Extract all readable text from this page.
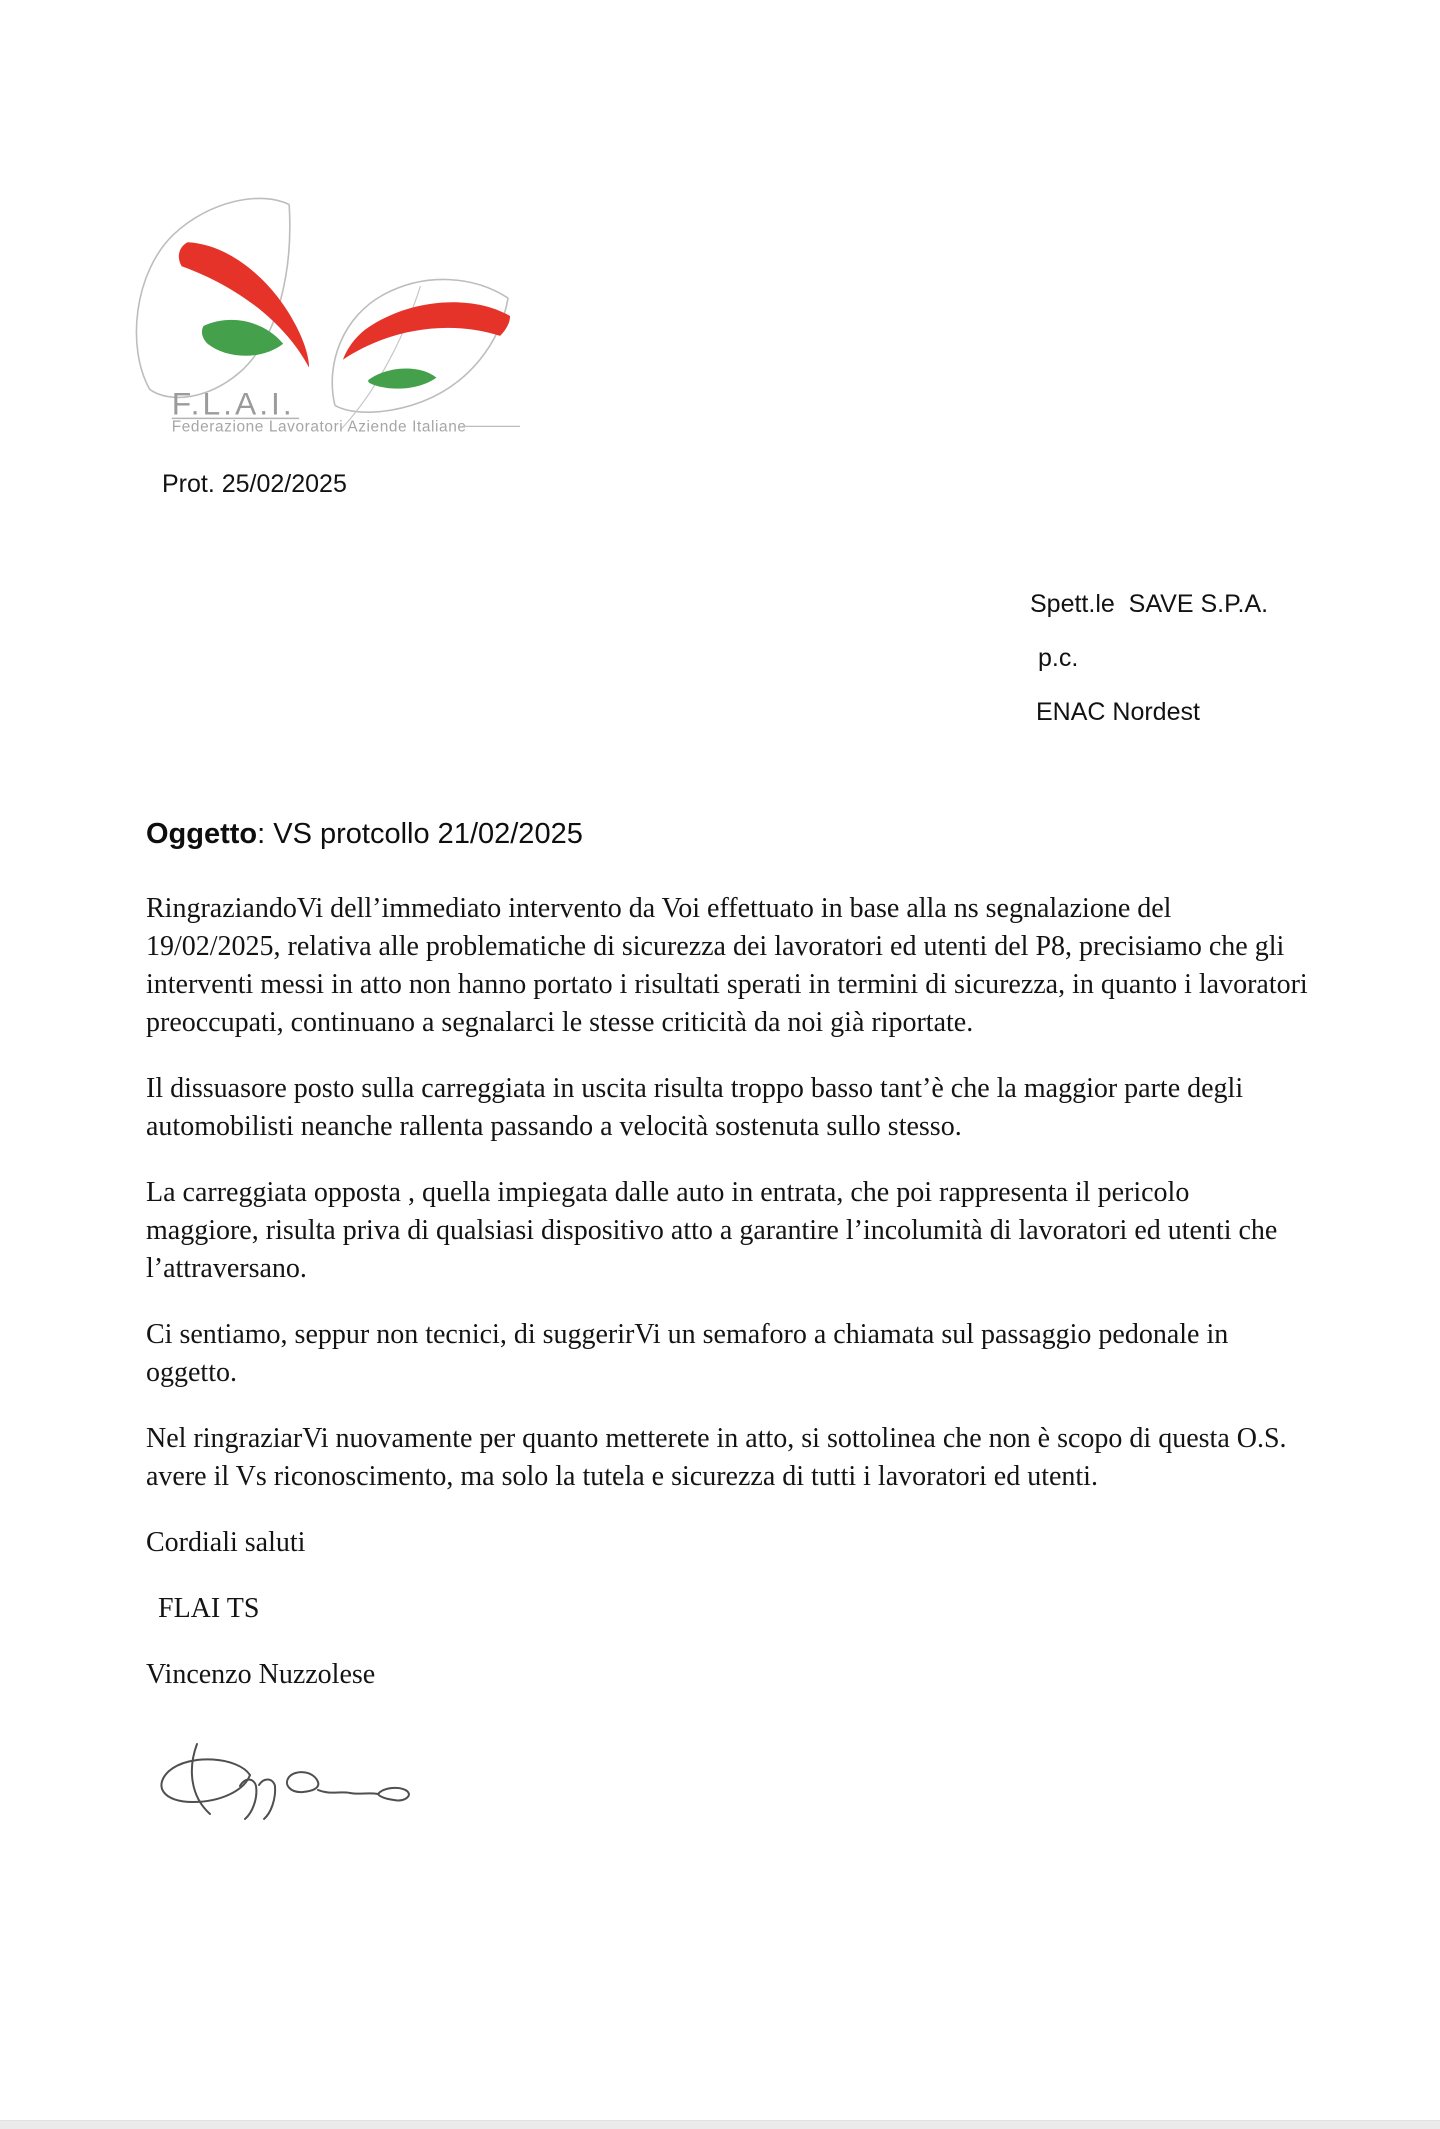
F.L.A.I.
Federazione Lavoratori Aziende Italiane
Prot. 25/02/2025
Spett.le  SAVE S.P.A.
p.c.
ENAC Nordest
Oggetto: VS protcollo 21/02/2025

RingraziandoVi dell’immediato intervento da Voi effettuato in base alla ns segnalazione del 19/02/2025, relativa alle problematiche di sicurezza dei lavoratori ed utenti del P8, precisiamo che gli interventi messi in atto non hanno portato i risultati sperati in termini di sicurezza, in quanto i lavoratori preoccupati, continuano a segnalarci le stesse criticità da noi già riportate.

Il dissuasore posto sulla carreggiata in uscita risulta troppo basso tant’è che la maggior parte degli automobilisti neanche rallenta passando a velocità sostenuta sullo stesso.

La carreggiata opposta , quella impiegata dalle auto in entrata, che poi rappresenta il pericolo maggiore, risulta priva di qualsiasi dispositivo atto a garantire l’incolumità di lavoratori ed utenti che l’attraversano.

Ci sentiamo, seppur non tecnici, di suggerirVi un semaforo a chiamata sul passaggio pedonale in oggetto.

Nel ringraziarVi nuovamente per quanto metterete in atto, si sottolinea che non è scopo di questa O.S. avere il Vs riconoscimento, ma solo la tutela e sicurezza di tutti i lavoratori ed utenti.

Cordiali saluti

FLAI TS

Vincenzo Nuzzolese
